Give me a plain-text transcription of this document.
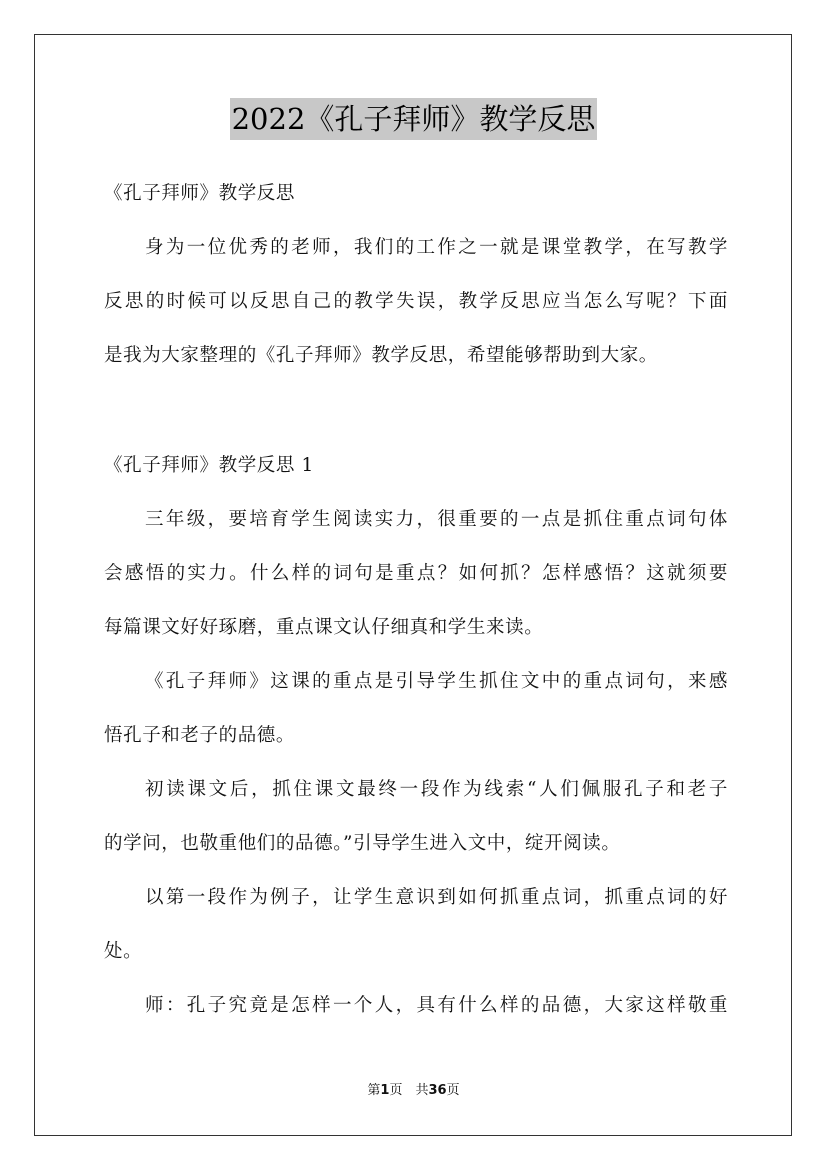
2022《孔子拜师》教学反思
《孔子拜师》教学反思
身为一位优秀的老师，我们的工作之一就是课堂教学，在写教学
反思的时候可以反思自己的教学失误，教学反思应当怎么写呢？下面
是我为大家整理的《孔子拜师》教学反思，希望能够帮助到大家。
《孔子拜师》教学反思 1
三年级，要培育学生阅读实力，很重要的一点是抓住重点词句体
会感悟的实力。什么样的词句是重点？如何抓？怎样感悟？这就须要
每篇课文好好琢磨，重点课文认仔细真和学生来读。
《孔子拜师》这课的重点是引导学生抓住文中的重点词句，来感
悟孔子和老子的品德。
初读课文后，抓住课文最终一段作为线索“人们佩服孔子和老子
的学问，也敬重他们的品德。”引导学生进入文中，绽开阅读。
以第一段作为例子，让学生意识到如何抓重点词，抓重点词的好
处。
师：孔子究竟是怎样一个人，具有什么样的品德，大家这样敬重
第1页　共36页
